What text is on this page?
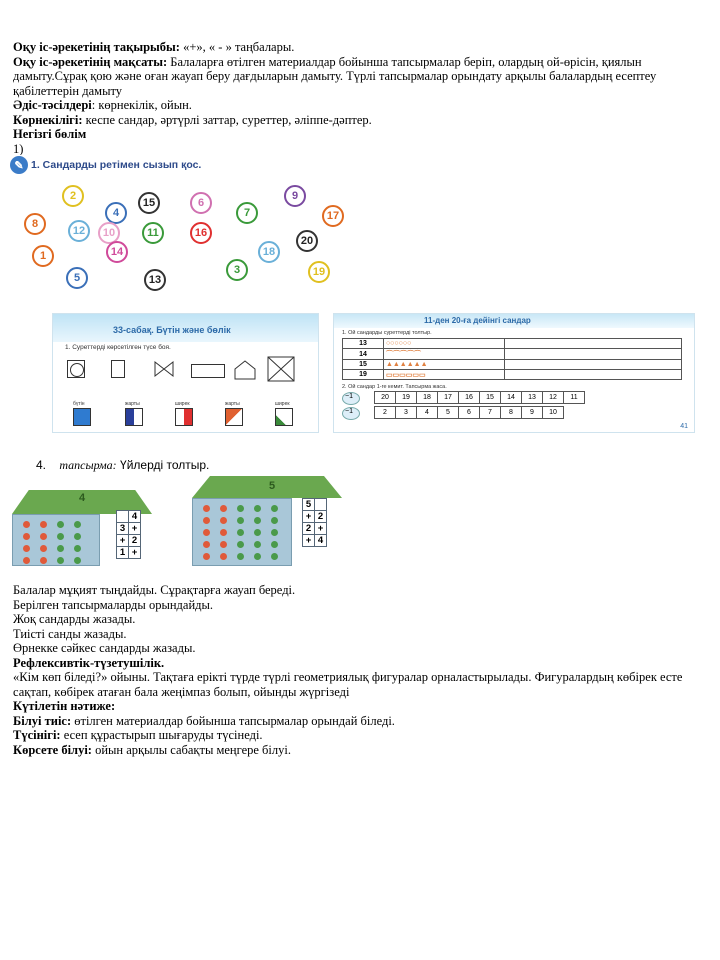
Оқу іс-әрекетінің тақырыбы: «+», « - » таңбалары.
Оқу іс-әрекетінің мақсаты: Балаларға өтілген материалдар бойынша тапсырмалар беріп, олардың ой-өрісін, қиялын дамыту.Сұрақ қою және оған жауап беру дағдыларын дамыту. Түрлі тапсырмалар орындату арқылы балалардың есептеу қабілеттерін дамыту
Әдіс-тәсілдері: көрнекілік, ойын.
Көрнекілігі: кеспе сандар, әртүрлі заттар, суреттер, әліппе-дәптер.
Негізгі бөлім
1)
✎ 1. Сандарды ретімен сызып қос.
2
4
15	6
7
9
8
12	10
17
14
11	16
18
20
1
5	13
3	19
33-сабақ. Бүтін және бөлік
1. Суреттерді көрсетілген түсе боя.
бүтін	жарты	ширек	жарты	ширек
11-ден 20-ға дейінгі сандар
1. Ой сандарды суреттерді толтыр.
13	○○○○○○	
14	⌒⌒⌒⌒⌒	
15	▲▲▲▲▲▲	
19	▭▭▭▭▭▭	
2. Ой сандар 1-ге кемит. Тапсырма жаса.
−1
−1
20	19	18	17	16	15	14	13	12	11
2	3	4	5	6	7	8	9	10
41
4. тапсырма: Үйлерді толтыр.
4
	4
3	+
+	2
1	+
5
5	
+	2
2	+
+	4
Балалар мұқият тыңдайды. Сұрақтарға жауап береді.
Берілген тапсырмаларды орындайды.
Жоқ сандарды жазады.
Тиісті санды жазады.
Өрнекке сәйкес сандарды жазады.
Рефлексивтік-түзетушілік.
«Кім көп біледі?» ойыны. Тақтаға ерікті түрде түрлі геометриялық фигуралар орналастырылады. Фигуралардың көбірек есте сақтап, көбірек атаған бала жеңімпаз болып, ойынды жүргізеді
Күтілетін нәтиже:
Білуі тиіс: өтілген материалдар бойынша тапсырмалар орындай біледі.
Түсінігі: есеп құрастырып шығаруды түсінеді.
Көрсете білуі: ойын арқылы сабақты меңгере білуі.
